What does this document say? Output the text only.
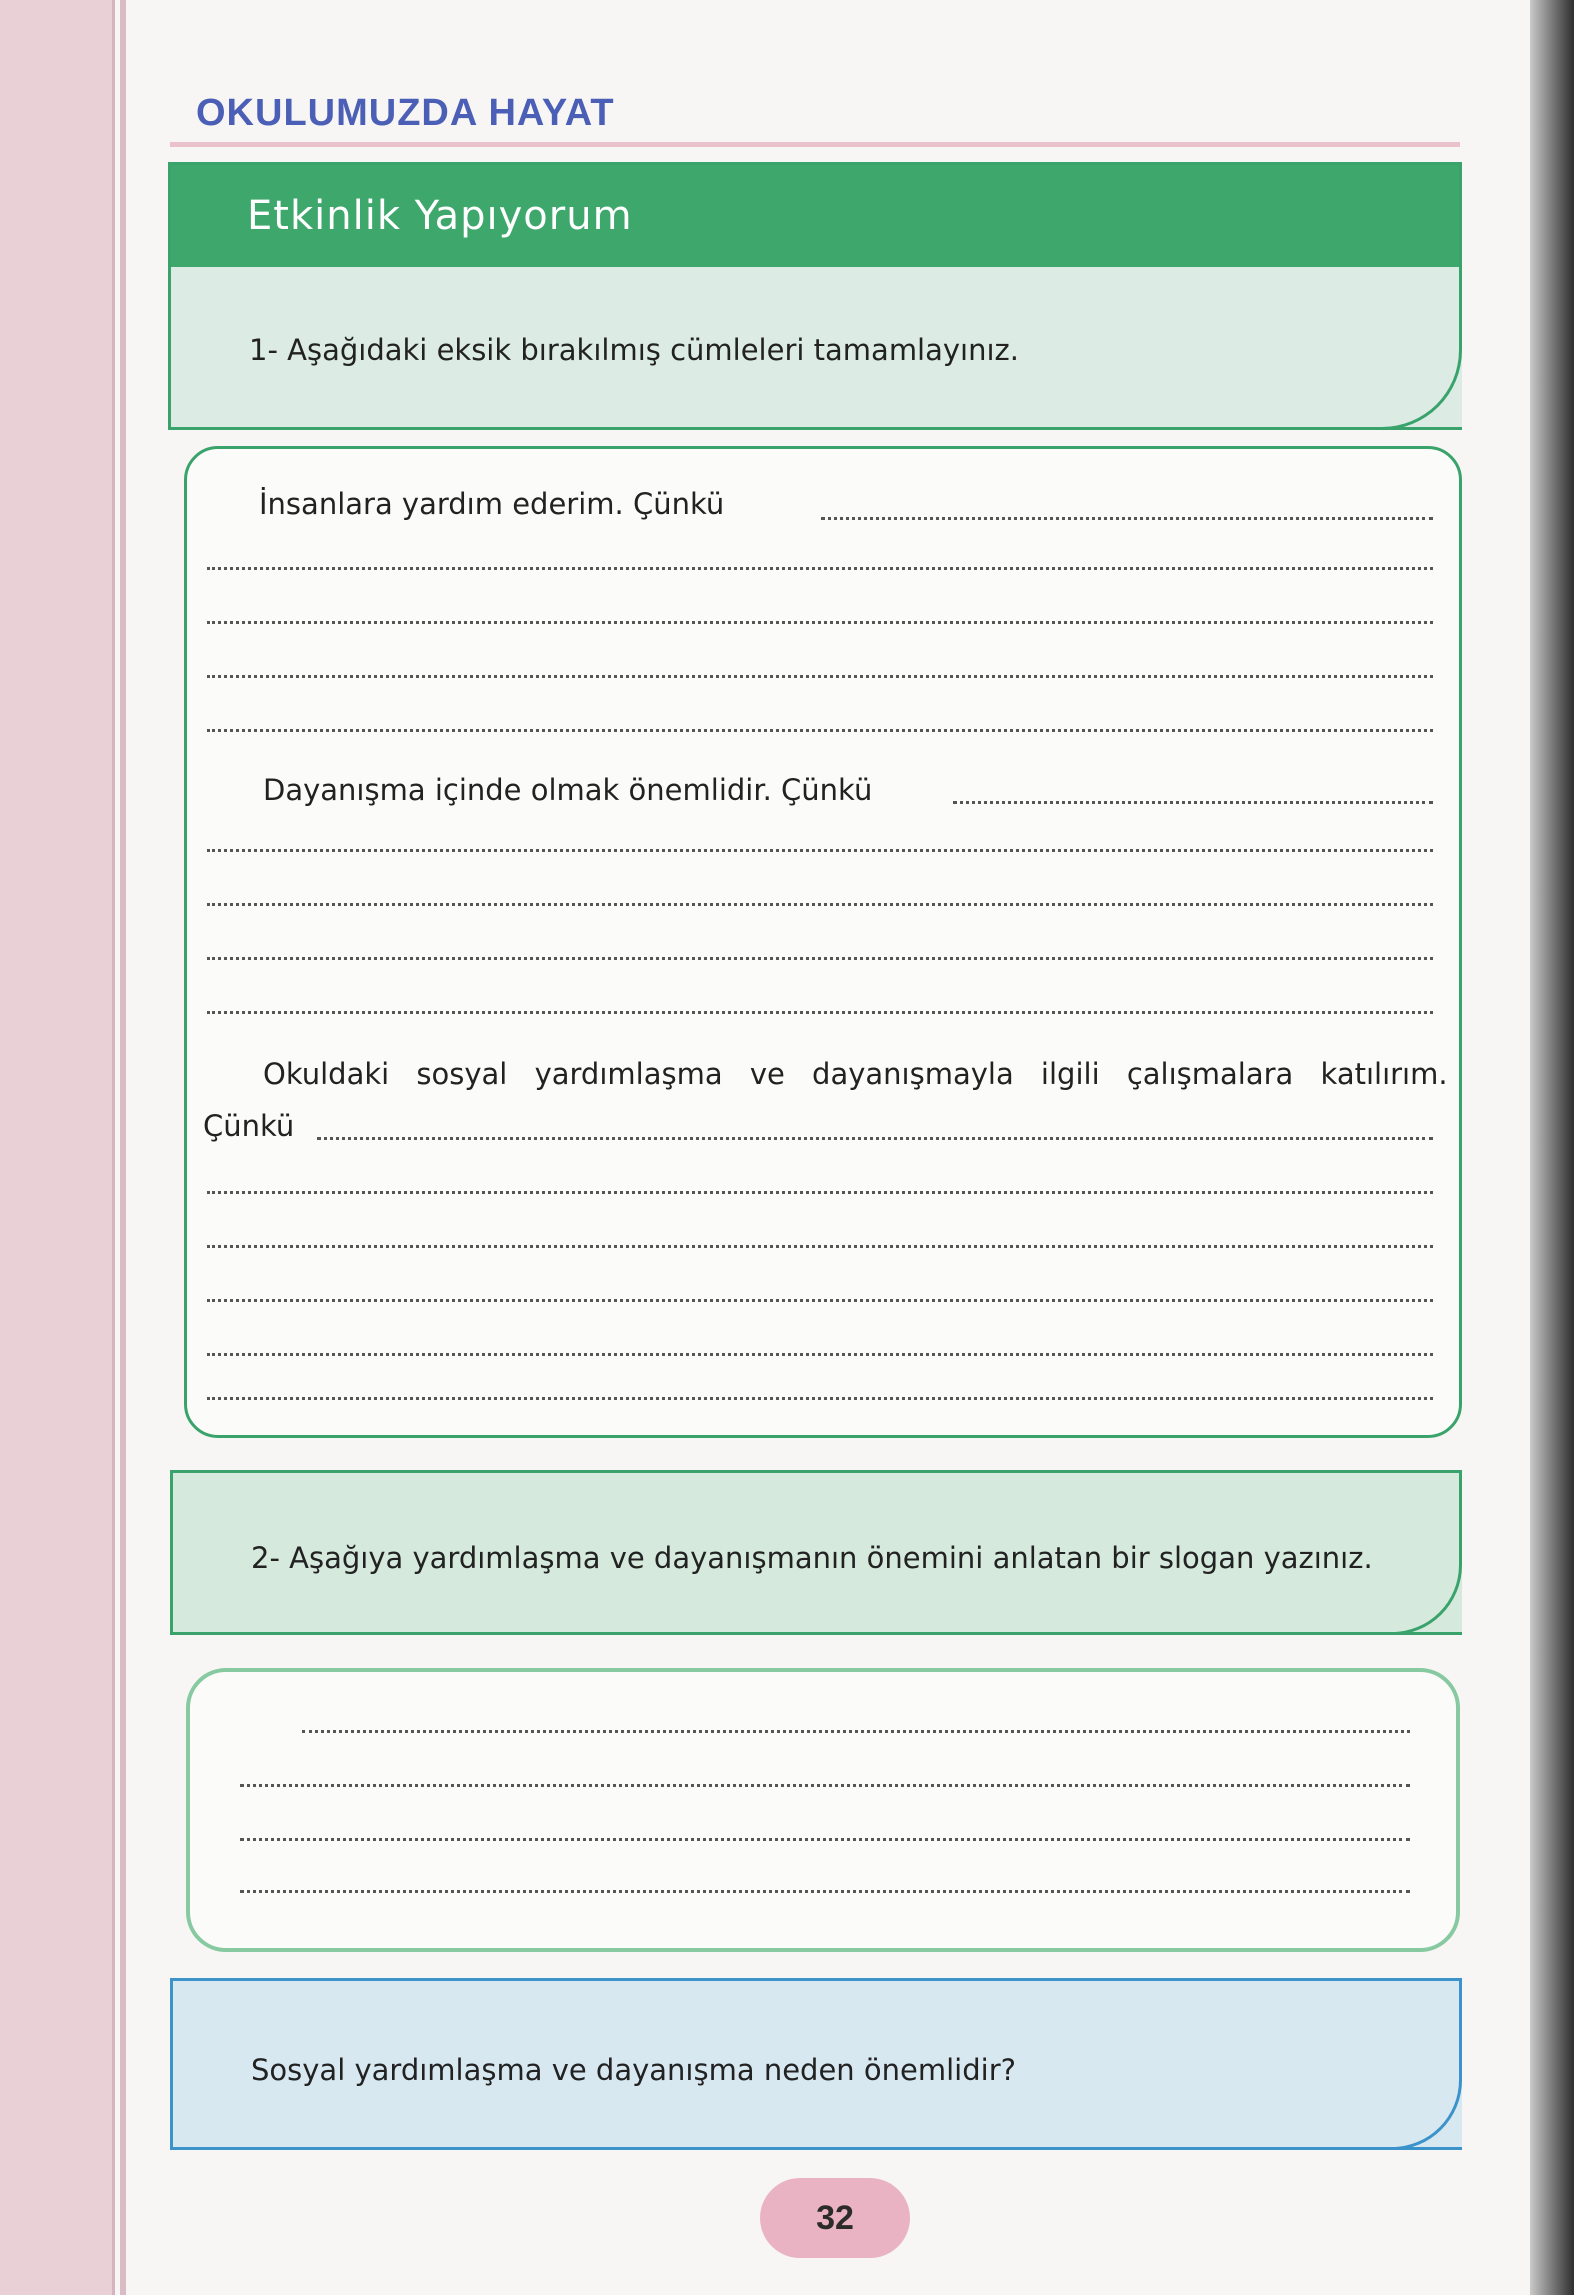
OKULUMUZDA HAYAT
Etkinlik Yapıyorum
1- Aşağıdaki eksik bırakılmış cümleleri tamamlayınız.
İnsanlara yardım ederim. Çünkü
Dayanışma içinde olmak önemlidir. Çünkü
Okuldaki sosyal yardımlaşma ve dayanışmayla ilgili çalışmalara katılırım.
Çünkü
2- Aşağıya yardımlaşma ve dayanışmanın önemini anlatan bir slogan yazınız.
Sosyal yardımlaşma ve dayanışma neden önemlidir?
32
